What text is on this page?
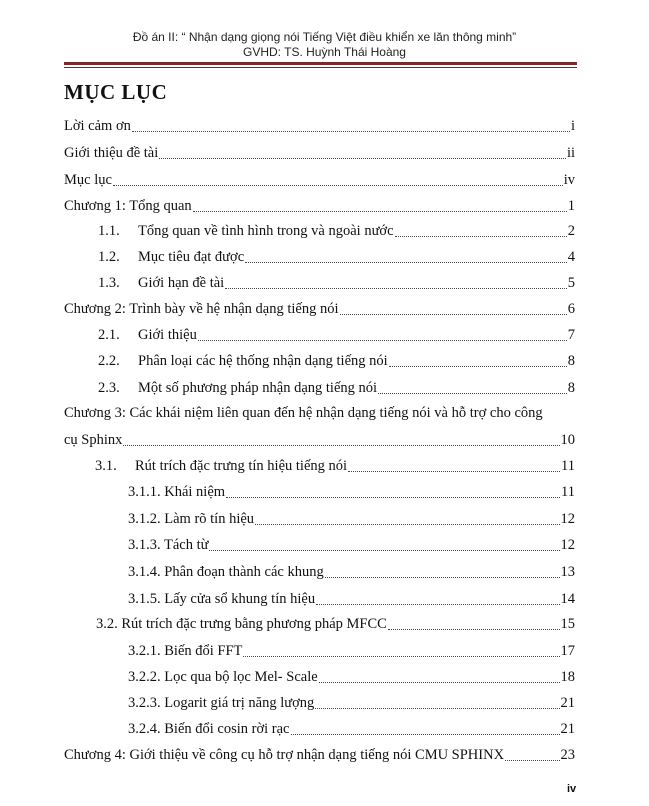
Đồ án II: “ Nhận dạng giọng nói Tiếng Việt điều khiển xe lăn thông minh”
GVHD: TS. Huỳnh Thái Hoàng
MỤC LỤC
Lời cảm ơn	i
Giới thiệu đề tài	ii
Mục lục	iv
Chương 1: Tổng quan	1
1.1.	Tổng quan về tình hình trong và ngoài nước	2
1.2.	Mục tiêu đạt được	4
1.3.	Giới hạn đề tài	5
Chương 2: Trình bày về hệ nhận dạng tiếng nói	6
2.1.	Giới thiệu	7
2.2.	Phân loại các hệ thống nhận dạng tiếng nói	8
2.3.	Một số phương pháp nhận dạng tiếng nói	8
Chương 3: Các khái niệm liên quan đến hệ nhận dạng tiếng nói và hỗ trợ cho công
cụ Sphinx	10
3.1.	Rút trích đặc trưng tín hiệu tiếng nói	11
3.1.1. Khái niệm	11
3.1.2. Làm rõ tín hiệu	12
3.1.3. Tách từ	12
3.1.4. Phân đoạn thành các khung	13
3.1.5. Lấy cửa sổ khung tín hiệu	14
3.2. Rút trích đặc trưng bằng phương pháp MFCC	15
3.2.1. Biến đổi FFT	17
3.2.2. Lọc qua bộ lọc Mel- Scale	18
3.2.3. Logarit giá trị năng lượng	21
3.2.4. Biến đổi cosin rời rạc	21
Chương 4: Giới thiệu về công cụ hỗ trợ nhận dạng tiếng nói CMU SPHINX	23
iv
